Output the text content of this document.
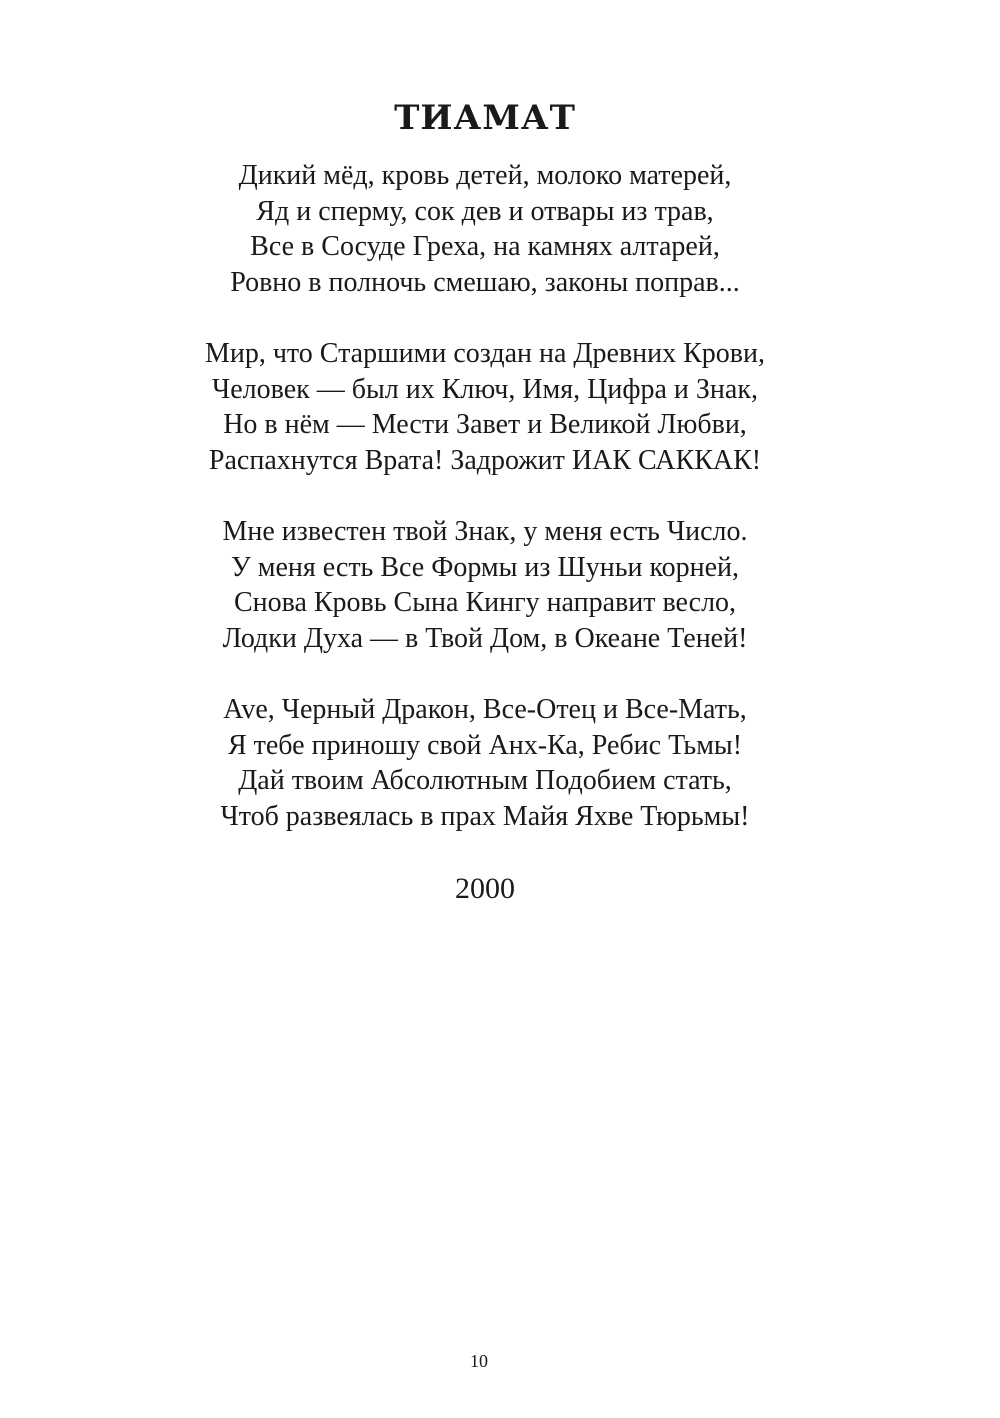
ТИАМАТ
Дикий мёд, кровь детей, молоко матерей,
Яд и сперму, сок дев и отвары из трав,
Все в Сосуде Греха, на камнях алтарей,
Ровно в полночь смешаю, законы поправ...
Мир, что Старшими создан на Древних Крови,
Человек — был их Ключ, Имя, Цифра и Знак,
Но в нём — Мести Завет и Великой Любви,
Распахнутся Врата! Задрожит ИАК САККАК!
Мне известен твой Знак, у меня есть Число.
У меня есть Все Формы из Шуньи корней,
Снова Кровь Сына Кингу направит весло,
Лодки Духа — в Твой Дом, в Океане Теней!
Ave, Черный Дракон, Все-Отец и Все-Мать,
Я тебе приношу свой Анх-Ка, Ребис Тьмы!
Дай твоим Абсолютным Подобием стать,
Чтоб развеялась в прах Майя Яхве Тюрьмы!
2000
10
